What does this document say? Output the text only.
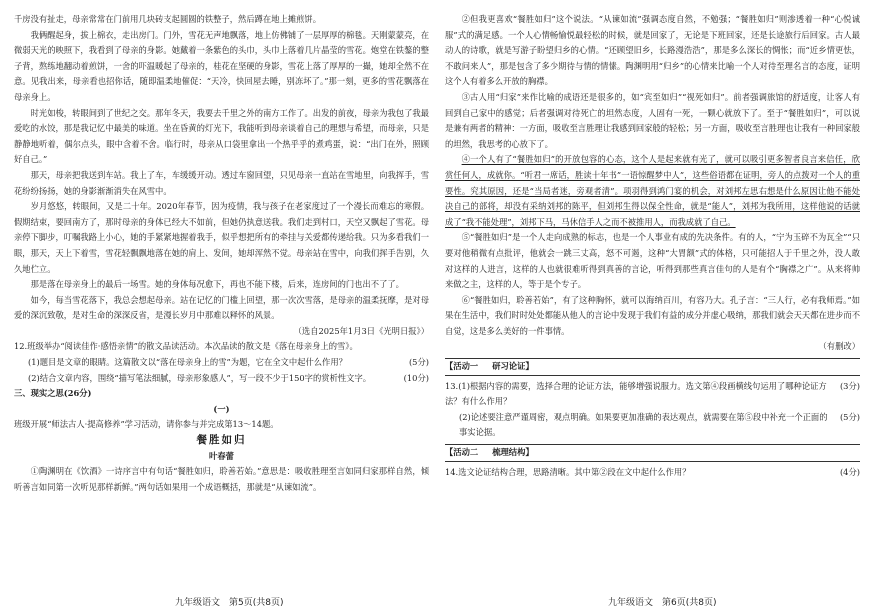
千房没有扯走，母亲常常在门前用几块砖支起圆圆的铁整子，然后蹲在地上摊煎饼。

我俩醒起身，拔上棉衣，走出房门。门外，雪花无声地飘落，地上仿佛铺了一层厚厚的棉毯。天刚蒙蒙亮，在微弱天光的映照下，我看到了母亲的身影。她戴着一条紫色的头巾，头巾上落着几片晶莹的雪花。炮堂在铁鏊的整子背，熬练地翻动着煎饼，一舍的吓温暖起了母亲的，桂花在坚硬的身影，雪花上落了厚厚的一撮，她却全然不在意。见我出来，母亲看也招你话，随即温柔地催促：“天冷，快回屋去睡，别冻坏了。”那一刻，更多的雪花飘落在母亲身上。

时光如梭，转眼间到了世纪之交。那年冬天，我要去千里之外的南方工作了。出发的前夜，母亲为我包了我最爱吃的水饺，那是我记忆中最美的味道。坐在昏黄的灯光下，我能听到母亲谈着自己的理想与希望，而母亲，只是静静地听着，偶尔点头，眼中含着不舍。临行时，母亲从口袋里拿出一个热乎乎的煮鸡蛋，说：“出门在外，照顾好自己。”

那天，母亲把我送到车站。我上了车，车缓缓开动。透过车窗回望，只见母亲一直站在雪地里，向我挥手，雪花纷纷扬扬，她的身影渐渐消失在风雪中。

岁月悠悠，转眼间，又是二十年。2020年春节，因为疫情，我与孩子在老家度过了一个漫长而难忘的寒假。假期结束，要回南方了，那时母亲的身体已经大不如前，但她仍执意送我。我们走到村口，天空又飘起了雪花。母亲停下脚步，叮嘱我路上小心，她的手紧紧地握着我手，似乎想把所有的牵挂与关爱都传递给我。只为多看我们一眼，那天，天上下着雪，雪花轻飘飘地落在她的肩上、发间，她却浑然不觉。母亲站在雪中，向我们挥手告别，久久地伫立。

那是落在母亲身上的最后一场雪。她的身体每况愈下，再也不能下楼，后来，连房间的门也出不了了。

如今，每当雪花落下，我总会想起母亲。站在记忆的门槛上回望，那一次次雪落，是母亲的温柔抚摩，是对母爱的深沉致敬，是对生命的深深反省，是漫长岁月中那难以释怀的风景。

（选自2025年1月3日《光明日报》）

12.班级举办“阅读佳作·感悟亲情”的散文品读活动。本次品读的散文是《落在母亲身上的雪》。

(1)题目是文章的眼睛。这篇散文以“落在母亲身上的雪”为题，它在全文中起什么作用？	(5分)
(2)结合文章内容，围绕“描写笔法细腻，母亲形象感人”，写一段不少于150字的赏析性文字。	(10分)

三、现实之思(26分)

(一)

班级开展“师法古人·提高修养”学习活动，请你参与并完成第13～14题。

餐胜如归

叶春蕾

①陶渊明在《饮酒》一诗序言中有句话“餐胜如归，聆善若始。”意思是：吸收胜理至言如同归家那样自然，倾听善言如同第一次听见那样新鲜。”两句话如果用一个成语概括，那就是“从谏如流”。

②但我更喜欢“餐胜如归”这个说法。“从谏如流”强调态度自然，不勉强；“餐胜如归”则渗透着一种“心悦诚服”式的满足感。一个人心情畅愉悦最轻松的时候，就是回家了，无论是下班回家，还是长途旅行后回家。古人最动人的诗歌，就是写游子盼望归乡的心情。“还顾望旧乡，长路漫浩浩”，那是多么深长的惆怅；而“近乡情更怯，不敢问来人”，那是包含了多少期待与情的情愫。陶渊明用“归乡”的心情来比喻一个人对待至理名言的态度，证明这个人有着多么开放的胸襟。

③古人用“归家”来作比喻的成语还是很多的，如“宾至如归”“视死如归”。前者强调旅馆的舒适度，让客人有回到自己家中的感觉；后者强调对待死亡的坦然态度，人固有一死，一颗心就放下了。至于“餐胜如归”，可以说是兼有两者的精神：一方面，吸收至言胜理让我感到回家般的轻松；另一方面，吸收至言胜理也让我有一种回家般的坦然，我思考的心放下了。

④一个人有了“餐胜如归”的开放包容的心态，这个人是起来就有光了，就可以吸引更多智者良言来信任，欣赏任何人，成就你。“听君一席话，胜读十年书”一语惊醒梦中人”，这些俗语都在证明，旁人的点拨对一个人的重要性。究其原因，还是“当局者迷，旁观者清”。项羽得到鸿门宴的机会，对刘邦左思右想是什么原因让他不能处决自己的部将，却没有采纳刘邦的陈平，但刘邦生得以保全性命，就是“能人”，刘邦为我所用，这样他说的话就成了“我不能处理”，刘邦下马，马休信手人之而不被推用人，而我成就了自己。

⑤“餐胜如归”是一个人走向成熟的标志，也是一个人事业有成的先决条件。有的人，“宁为玉碎不为瓦全”“只要对他稍微有点批评，他就会一跳三丈高，怒不可遏，这种“大胃额”式的体格，只可能招人于千里之外，没人敢对这样的人进言，这样的人也就很难听得到真善的言论，听得到那些真言佳句的人是有个“胸襟之广”。从来将帅来做之主，这样的人，等于是个专子。

⑥“餐胜如归，聆善若始”，有了这种胸怀，就可以海纳百川，有容乃大。孔子言：“三人行，必有我师焉。”如果在生活中，我们时时处处都能从他人的言论中发现于我们有益的成分并虚心吸纳，那我们就会天天都在进步而不自觉，这是多么美好的一件事情。

（有删改）

【活动一 研习论证】
13.(1)根据内容的需要，选择合理的论证方法，能够增强说服力。选文第④段画横线句运用了哪种论证方法？有什么作用？
(3分)
(2)论述要注意严谨周密，观点明确。如果要更加准确的表达观点，就需要在第⑤段中补充一个正面的事实论据。
(5分)
【活动二 梳理结构】
14.选文论证结构合理，思路清晰。其中第②段在文中起什么作用？	(4分)
九年级语文　第5页(共8页)	九年级语文　第6页(共8页)
